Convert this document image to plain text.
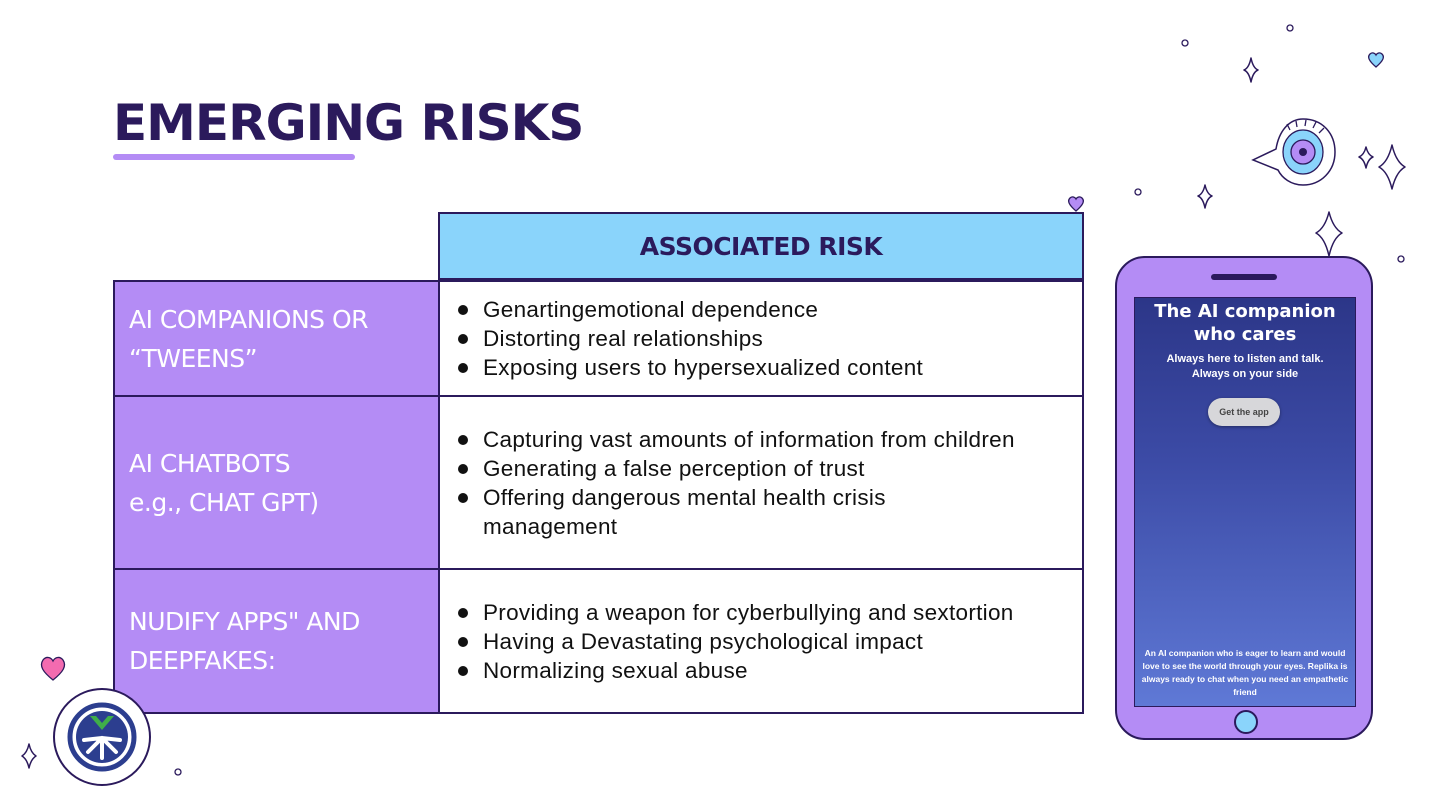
EMERGING RISKS
ASSOCIATED RISK
AI COMPANIONS OR
“TWEENS”
Genartingemotional dependence
Distorting real relationships
Exposing users to hypersexualized content
AI CHATBOTS
e.g., CHAT GPT)
Capturing vast amounts of information from children
Generating a false perception of trust
Offering dangerous mental health crisis management
NUDIFY APPS" AND
DEEPFAKES:
Providing a weapon for cyberbullying and sextortion
Having a Devastating psychological impact
Normalizing sexual abuse
The AI companion who cares
Always here to listen and talk. Always on your side
Get the app
An AI companion who is eager to learn and would love to see the world through your eyes. Replika is always ready to chat when you need an empathetic friend
